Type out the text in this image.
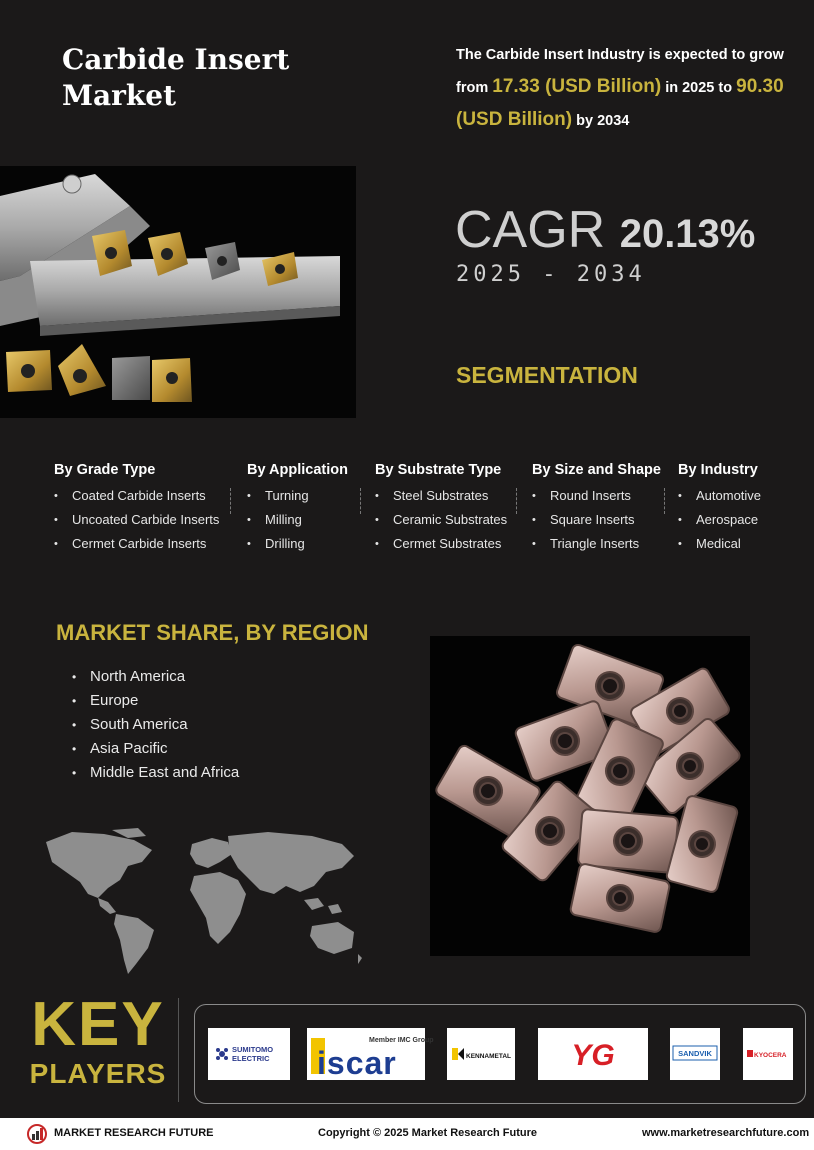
Carbide Insert Market

The Carbide Insert Industry is expected to grow from 17.33 (USD Billion) in 2025 to 90.30 (USD Billion) by 2034

CAGR 20.13%
2025 - 2034
SEGMENTATION
By Grade Type
• Coated Carbide Inserts
• Uncoated Carbide Inserts
• Cermet Carbide Inserts
By Application
• Turning
• Milling
• Drilling
By Substrate Type
• Steel Substrates
• Ceramic Substrates
• Cermet Substrates
By Size and Shape
• Round Inserts
• Square Inserts
• Triangle Inserts
By Industry
• Automotive
• Aerospace
• Medical
MARKET SHARE, BY REGION
• North America
• Europe
• South America
• Asia Pacific
• Middle East and Africa
KEY
PLAYERS
SUMITOMO
ELECTRIC
Member IMC Group
iscar	KENNAMETAL YG	SANDVIK	KYOCERA
MARKET RESEARCH FUTURE	Copyright © 2025 Market Research Future	www.marketresearchfuture.com
